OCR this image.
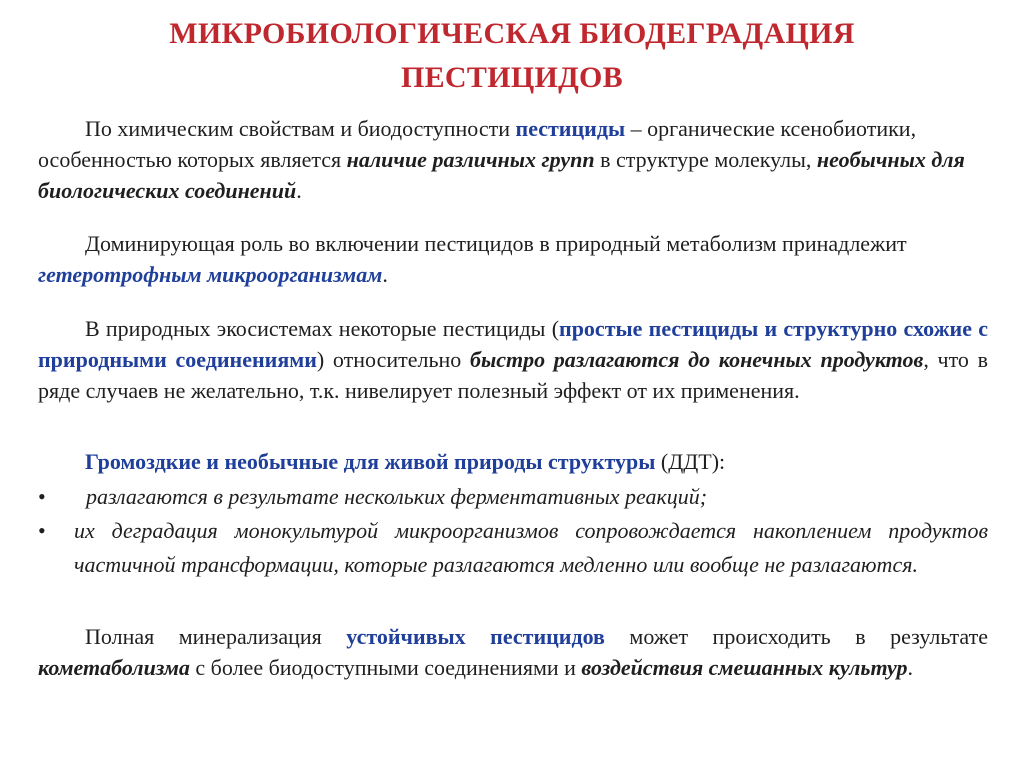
МИКРОБИОЛОГИЧЕСКАЯ БИОДЕГРАДАЦИЯ
ПЕСТИЦИДОВ

По химическим свойствам и биодоступности пестициды – органические ксенобиотики, особенностью которых является наличие различных групп в структуре молекулы, необычных для биологических соединений.

Доминирующая роль во включении пестицидов в природный метаболизм принадлежит гетеротрофным микроорганизмам.

В природных экосистемах некоторые пестициды (простые пестициды и структурно схожие с природными соединениями) относительно быстро разлагаются до конечных продуктов, что в ряде случаев не желательно, т.к. нивелирует полезный эффект от их применения.

Громоздкие и необычные для живой природы структуры (ДДТ):

• разлагаются в результате нескольких ферментативных реакций;
• их деградация монокультурой микроорганизмов сопровождается накоплением продуктов частичной трансформации, которые разлагаются медленно или вообще не разлагаются.

Полная минерализация устойчивых пестицидов может происходить в результате кометаболизма с более биодоступными соединениями и воздействия смешанных культур.
